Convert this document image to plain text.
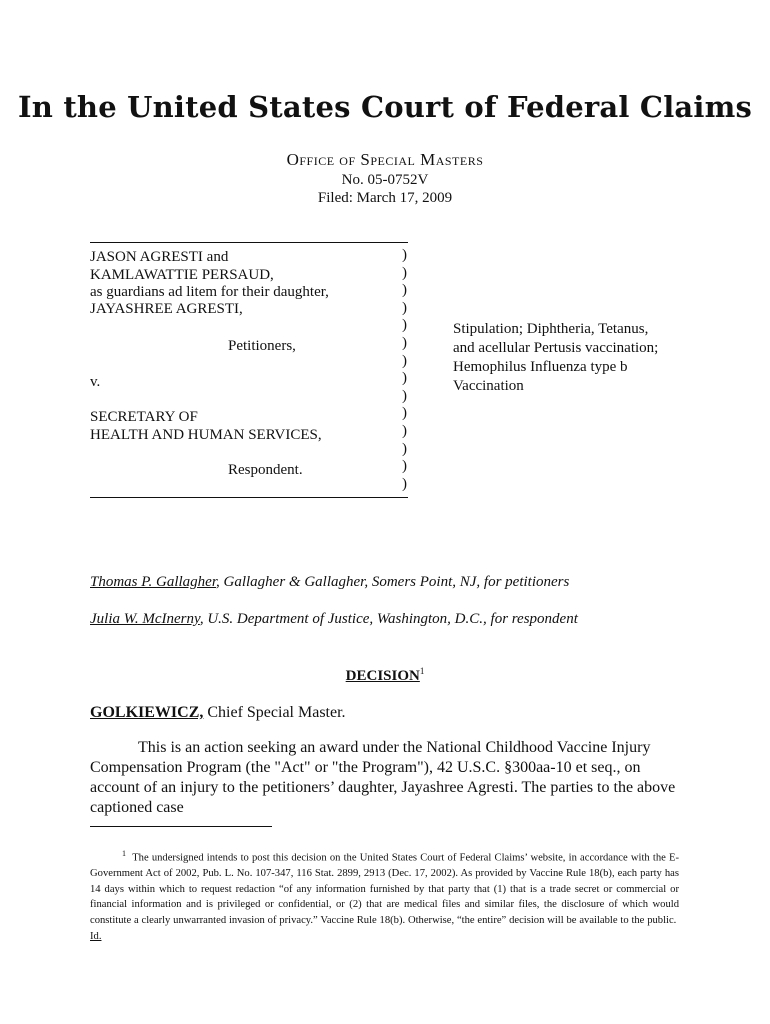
In the United States Court of Federal Claims
Office of Special Masters
No. 05-0752V
Filed: March 17, 2009
JASON AGRESTI and
KAMLAWATTIE PERSAUD,
as guardians ad litem for their daughter,
JAYASHREE AGRESTI,
Petitioners,
v.
SECRETARY OF
HEALTH AND HUMAN SERVICES,
Respondent.
)
)
)
)
)
)
)
)
)
)
)
)
)
)
Stipulation; Diphtheria, Tetanus,
and acellular Pertusis vaccination;
Hemophilus Influenza type b
Vaccination
Thomas P. Gallagher, Gallagher & Gallagher, Somers Point, NJ, for petitioners
Julia W. McInerny, U.S. Department of Justice, Washington, D.C., for respondent
DECISION$^1$
GOLKIEWICZ, Chief Special Master.

This is an action seeking an award under the National Childhood Vaccine Injury Compensation Program (the "Act" or "the Program"), 42 U.S.C. §300aa-10 et seq., on account of an injury to the petitioners’ daughter, Jayashree Agresti. The parties to the above captioned case

$^1$ The undersigned intends to post this decision on the United States Court of Federal Claims’ website, in accordance with the E-Government Act of 2002, Pub. L. No. 107-347, 116 Stat. 2899, 2913 (Dec. 17, 2002). As provided by Vaccine Rule 18(b), each party has 14 days within which to request redaction “of any information furnished by that party that (1) that is a trade secret or commercial or financial information and is privileged or confidential, or (2) that are medical files and similar files, the disclosure of which would constitute a clearly unwarranted invasion of privacy.” Vaccine Rule 18(b). Otherwise, “the entire” decision will be available to the public.  Id.
